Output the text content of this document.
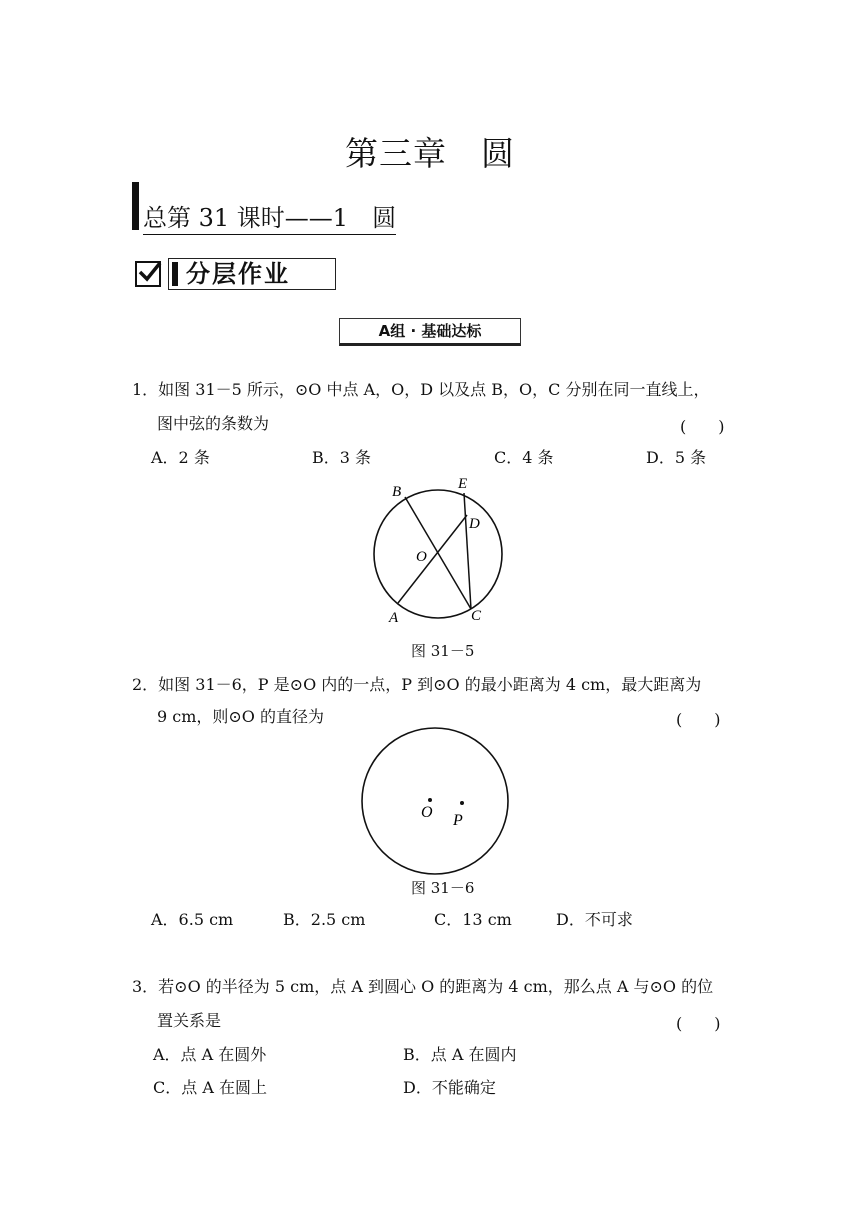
第三章　圆
总第 31 课时——1　圆
分层作业
A组 · 基础达标
1．如图 31－5 所示，⊙O 中点 A，O，D 以及点 B，O，C 分别在同一直线上，
图中弦的条数为	(　　)
A．2 条	B．3 条	C．4 条	D．5 条
B	E
D
O
A	C
图 31－5
2．如图 31－6，P 是⊙O 内的一点，P 到⊙O 的最小距离为 4 cm，最大距离为
9 cm，则⊙O 的直径为	(　　)
O P
图 31－6
A．6.5 cm	B．2.5 cm	C．13 cm	D．不可求
3．若⊙O 的半径为 5 cm，点 A 到圆心 O 的距离为 4 cm，那么点 A 与⊙O 的位
置关系是	(　　)
A．点 A 在圆外	B．点 A 在圆内
C．点 A 在圆上	D．不能确定
